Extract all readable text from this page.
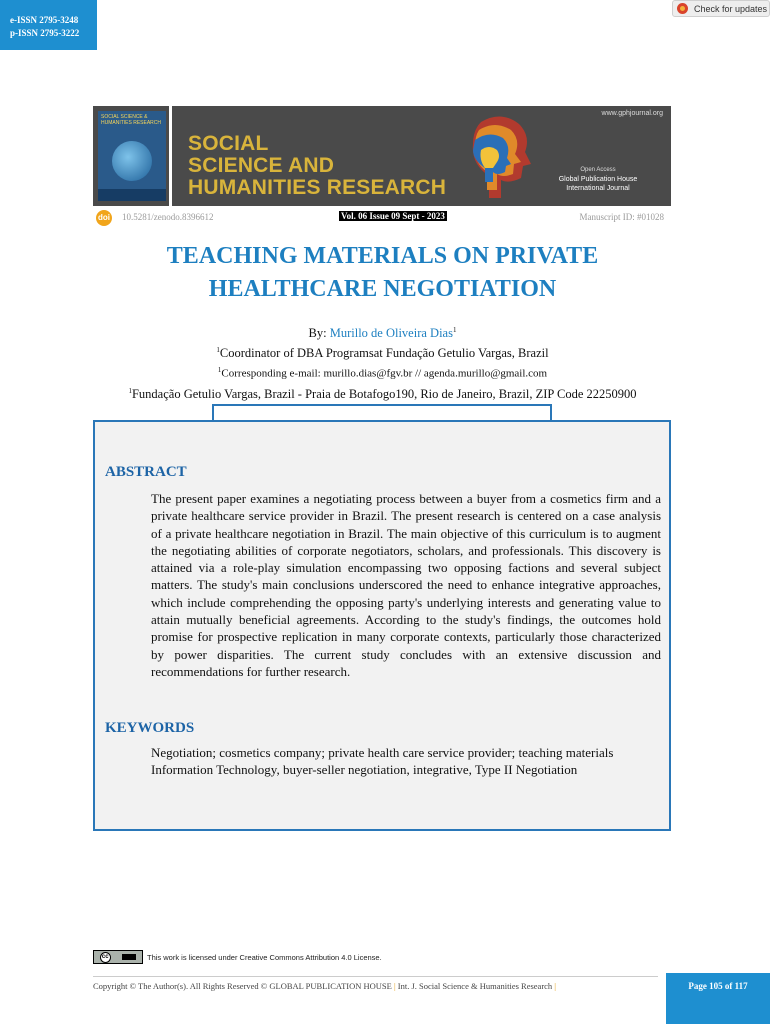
e-ISSN 2795-3248
p-ISSN 2795-3222
Check for updates
SOCIAL SCIENCE & HUMANITIES RESEARCH
SOCIAL
SCIENCE AND
HUMANITIES RESEARCH
www.gphjournal.org
Open Access
Global Publication House
International Journal
doi 10.5281/zenodo.8396612	Vol. 06 Issue 09 Sept - 2023	Manuscript ID: #01028
TEACHING MATERIALS ON PRIVATE
HEALTHCARE NEGOTIATION
By: Murillo de Oliveira Dias$^1$
$^1$Coordinator of DBA Programsat Fundação Getulio Vargas, Brazil
$^1$Corresponding e-mail: murillo.dias@fgv.br // agenda.murillo@gmail.com
$^1$Fundação Getulio Vargas, Brazil - Praia de Botafogo190, Rio de Janeiro, Brazil, ZIP Code 22250900
ABSTRACT
The present paper examines a negotiating process between a buyer from a cosmetics firm and a private healthcare service provider in Brazil. The present research is centered on a case analysis of a private healthcare negotiation in Brazil. The main objective of this curriculum is to augment the negotiating abilities of corporate negotiators, scholars, and professionals. This discovery is attained via a role-play simulation encompassing two opposing factions and several subject matters. The study's main conclusions underscored the need to enhance integrative approaches, which include comprehending the opposing party's underlying interests and generating value to attain mutually beneficial agreements. According to the study's findings, the outcomes hold promise for prospective replication in many corporate contexts, particularly those characterized by power disparities. The current study concludes with an extensive discussion and recommendations for further research.
KEYWORDS
Negotiation; cosmetics company; private health care service provider; teaching materials
Information Technology, buyer-seller negotiation, integrative, Type II Negotiation
cc	This work is licensed under Creative Commons Attribution 4.0 License.
Copyright © The Author(s). All Rights Reserved © GLOBAL PUBLICATION HOUSE | Int. J. Social Science & Humanities Research |	Page 105 of 117
